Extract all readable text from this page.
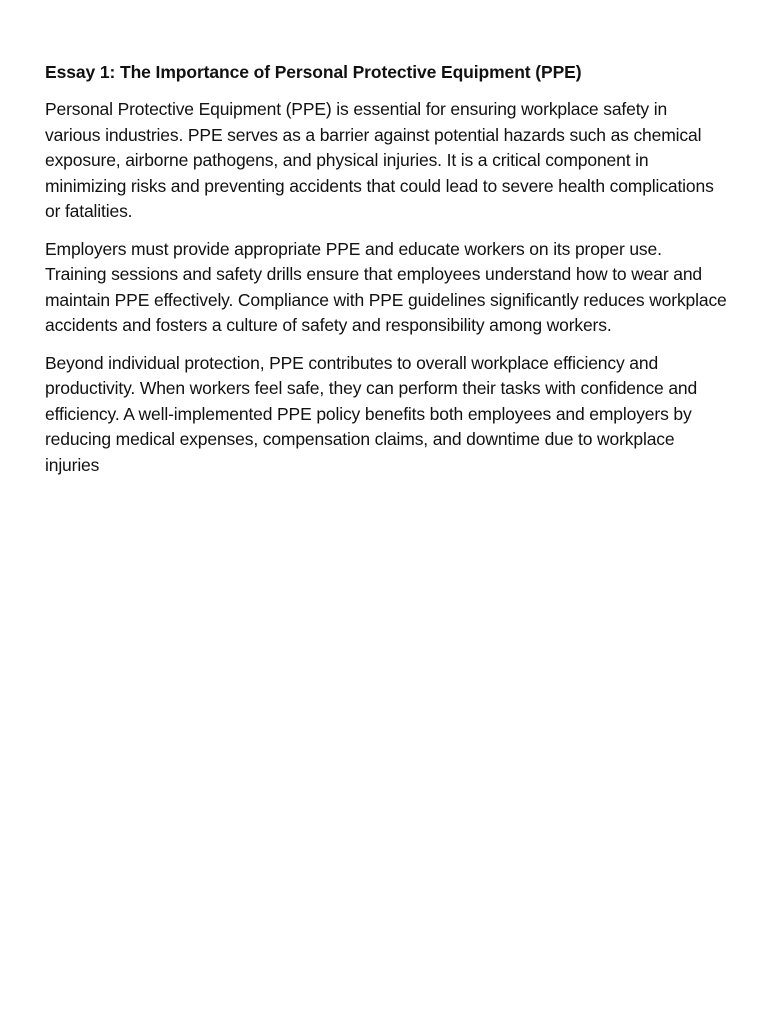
Essay 1: The Importance of Personal Protective Equipment (PPE)

Personal Protective Equipment (PPE) is essential for ensuring workplace safety in various industries. PPE serves as a barrier against potential hazards such as chemical exposure, airborne pathogens, and physical injuries. It is a critical component in minimizing risks and preventing accidents that could lead to severe health complications or fatalities.

Employers must provide appropriate PPE and educate workers on its proper use. Training sessions and safety drills ensure that employees understand how to wear and maintain PPE effectively. Compliance with PPE guidelines significantly reduces workplace accidents and fosters a culture of safety and responsibility among workers.

Beyond individual protection, PPE contributes to overall workplace efficiency and productivity. When workers feel safe, they can perform their tasks with confidence and efficiency. A well-implemented PPE policy benefits both employees and employers by reducing medical expenses, compensation claims, and downtime due to workplace injuries
